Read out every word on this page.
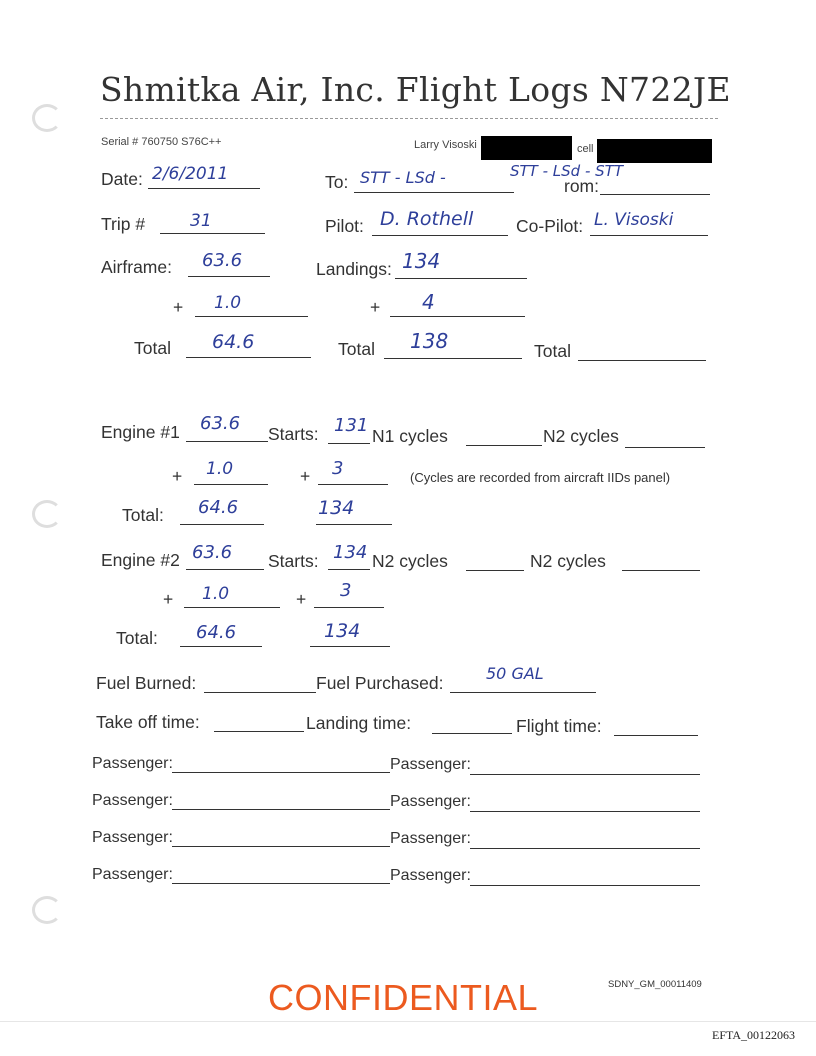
Shmitka Air, Inc. Flight Logs N722JE
Serial # 760750 S76C++	Larry Visoski	cell
Date: 2/6/2011	To: STT - LSd -	rom:
STT - LSd - STT
Trip #	31	Pilot: D. Rothell Co-Pilot: L. Visoski
Airframe: 63.6	Landings: 134
+ 1.0	+ 4
Total 64.6	Total 138	Total
Engine #1 63.6 Starts: 131 N1 cycles	N2 cycles
+ 1.0	+ 3	(Cycles are recorded from aircraft IIDs panel)
Total: 64.6	134
Engine #2 63.6 Starts: 134 N2 cycles	N2 cycles
+ 1.0	+ 3
Total: 64.6	134
Fuel Burned:	Fuel Purchased:	50 GAL
Take off time:	Landing time:	Flight time:
Passenger:	Passenger:
Passenger:	Passenger:
Passenger:	Passenger:
Passenger:	Passenger:
CONFIDENTIAL	SDNY_GM_00011409
EFTA_00122063
